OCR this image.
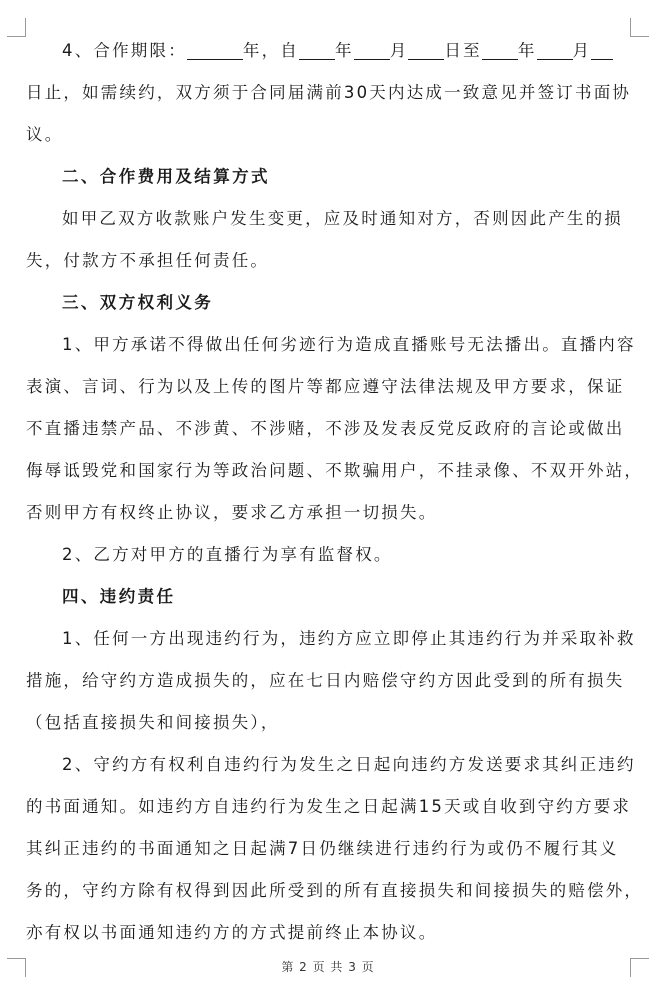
4、合作期限：	年，自 年 月 日至 年 月
日止，如需续约，双方须于合同届满前30天内达成一致意见并签订书面协
议。
二、合作费用及结算方式
如甲乙双方收款账户发生变更，应及时通知对方，否则因此产生的损
失，付款方不承担任何责任。
三、双方权利义务
1、甲方承诺不得做出任何劣迹行为造成直播账号无法播出。直播内容
表演、言词、行为以及上传的图片等都应遵守法律法规及甲方要求，保证
不直播违禁产品、不涉黄、不涉赌，不涉及发表反党反政府的言论或做出
侮辱诋毁党和国家行为等政治问题、不欺骗用户，不挂录像、不双开外站，
否则甲方有权终止协议，要求乙方承担一切损失。
2、乙方对甲方的直播行为享有监督权。
四、违约责任
1、任何一方出现违约行为，违约方应立即停止其违约行为并采取补救
措施，给守约方造成损失的，应在七日内赔偿守约方因此受到的所有损失
（包括直接损失和间接损失），
2、守约方有权利自违约行为发生之日起向违约方发送要求其纠正违约
的书面通知。如违约方自违约行为发生之日起满15天或自收到守约方要求
其纠正违约的书面通知之日起满7日仍继续进行违约行为或仍不履行其义
务的，守约方除有权得到因此所受到的所有直接损失和间接损失的赔偿外，
亦有权以书面通知违约方的方式提前终止本协议。
第 2 页 共 3 页
